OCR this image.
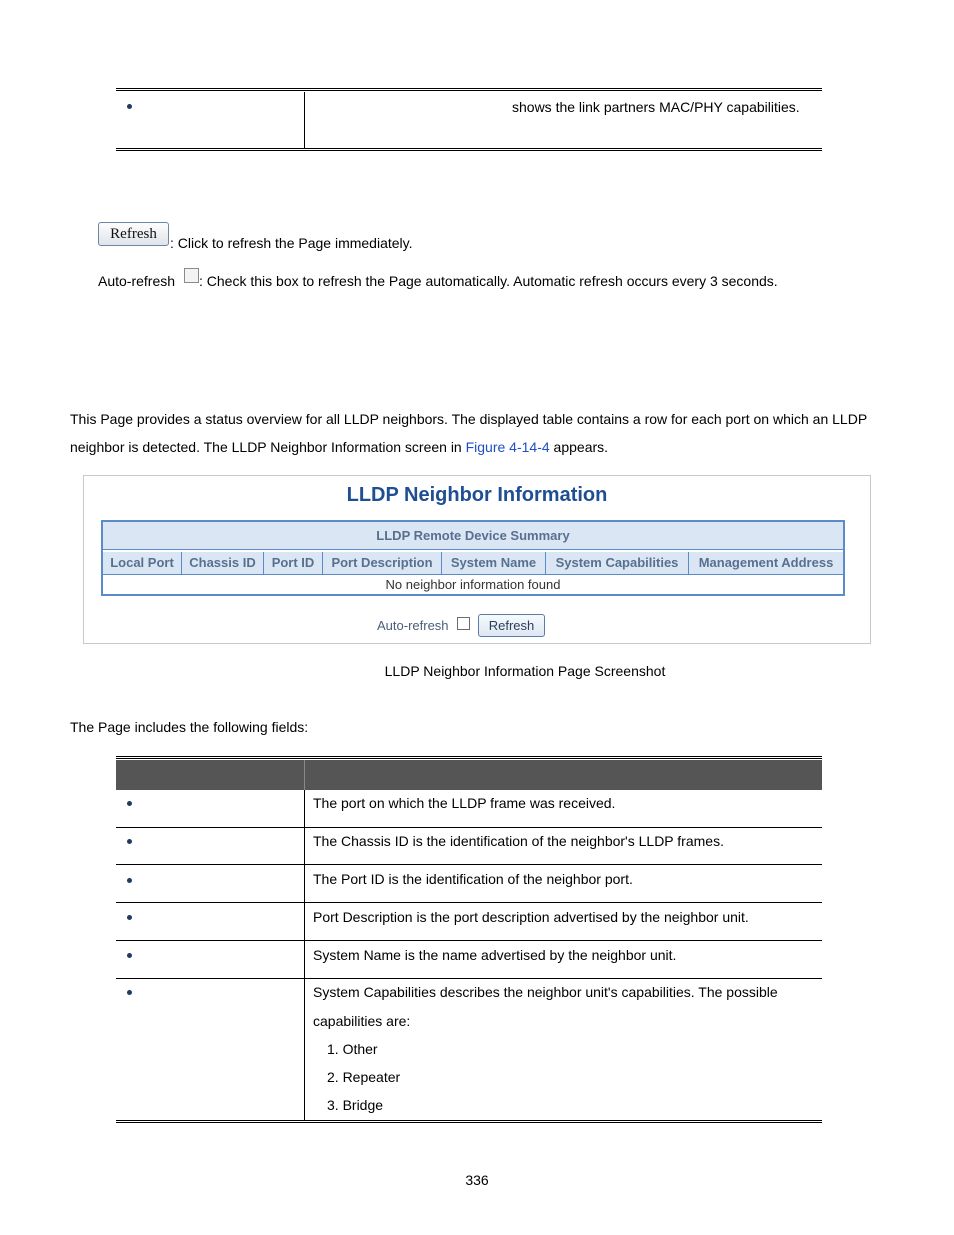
shows the link partners MAC/PHY capabilities.
Refresh
: Click to refresh the Page immediately.
Auto-refresh : Check this box to refresh the Page automatically. Automatic refresh occurs every 3 seconds.
This Page provides a status overview for all LLDP neighbors. The displayed table contains a row for each port on which an LLDP
neighbor is detected. The LLDP Neighbor Information screen in Figure 4-14-4 appears.
LLDP Neighbor Information
LLDP Remote Device Summary
Local Port	Chassis ID	Port ID	Port Description	System Name	System Capabilities	Management Address
No neighbor information found
Auto-refresh	Refresh
LLDP Neighbor Information Page Screenshot
The Page includes the following fields:
The port on which the LLDP frame was received.
The Chassis ID is the identification of the neighbor's LLDP frames.
The Port ID is the identification of the neighbor port.
Port Description is the port description advertised by the neighbor unit.
System Name is the name advertised by the neighbor unit.
System Capabilities describes the neighbor unit's capabilities. The possible
capabilities are:
1. Other
2. Repeater
3. Bridge
336
